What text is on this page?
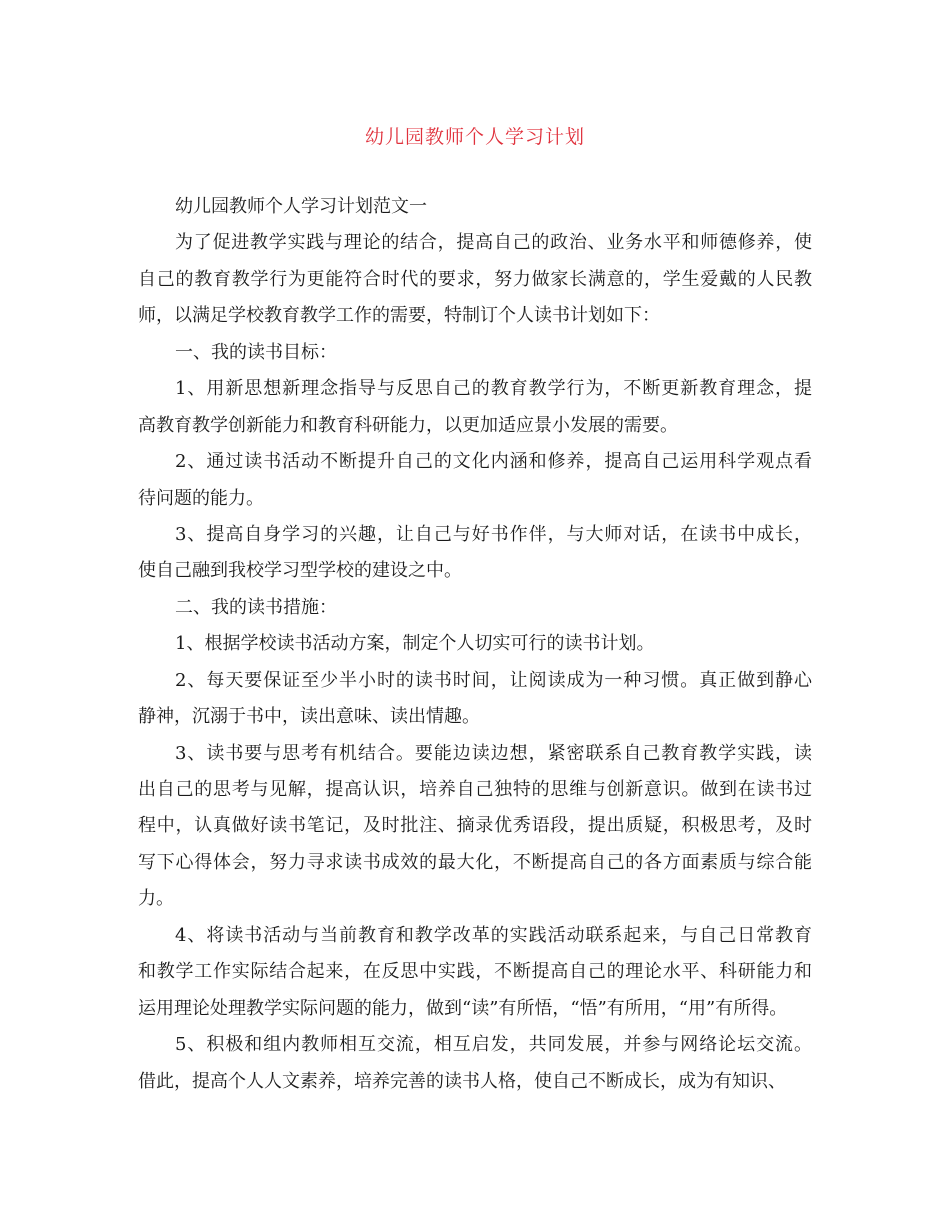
幼儿园教师个人学习计划
幼儿园教师个人学习计划范文一
为了促进教学实践与理论的结合，提高自己的政治、业务水平和师德修养，使
自己的教育教学行为更能符合时代的要求，努力做家长满意的，学生爱戴的人民教
师，以满足学校教育教学工作的需要，特制订个人读书计划如下：
一、我的读书目标：
1、用新思想新理念指导与反思自己的教育教学行为，不断更新教育理念，提
高教育教学创新能力和教育科研能力，以更加适应景小发展的需要。
2、通过读书活动不断提升自己的文化内涵和修养，提高自己运用科学观点看
待问题的能力。
3、提高自身学习的兴趣，让自己与好书作伴，与大师对话，在读书中成长，
使自己融到我校学习型学校的建设之中。
二、我的读书措施：
1、根据学校读书活动方案，制定个人切实可行的读书计划。
2、每天要保证至少半小时的读书时间，让阅读成为一种习惯。真正做到静心
静神，沉溺于书中，读出意味、读出情趣。
3、读书要与思考有机结合。要能边读边想，紧密联系自己教育教学实践，读
出自己的思考与见解，提高认识，培养自己独特的思维与创新意识。做到在读书过
程中，认真做好读书笔记，及时批注、摘录优秀语段，提出质疑，积极思考，及时
写下心得体会，努力寻求读书成效的最大化，不断提高自己的各方面素质与综合能
力。
4、将读书活动与当前教育和教学改革的实践活动联系起来，与自己日常教育
和教学工作实际结合起来，在反思中实践，不断提高自己的理论水平、科研能力和
运用理论处理教学实际问题的能力，做到“读”有所悟，“悟”有所用，“用”有所得。
5、积极和组内教师相互交流，相互启发，共同发展，并参与网络论坛交流。
借此，提高个人人文素养，培养完善的读书人格，使自己不断成长，成为有知识、
